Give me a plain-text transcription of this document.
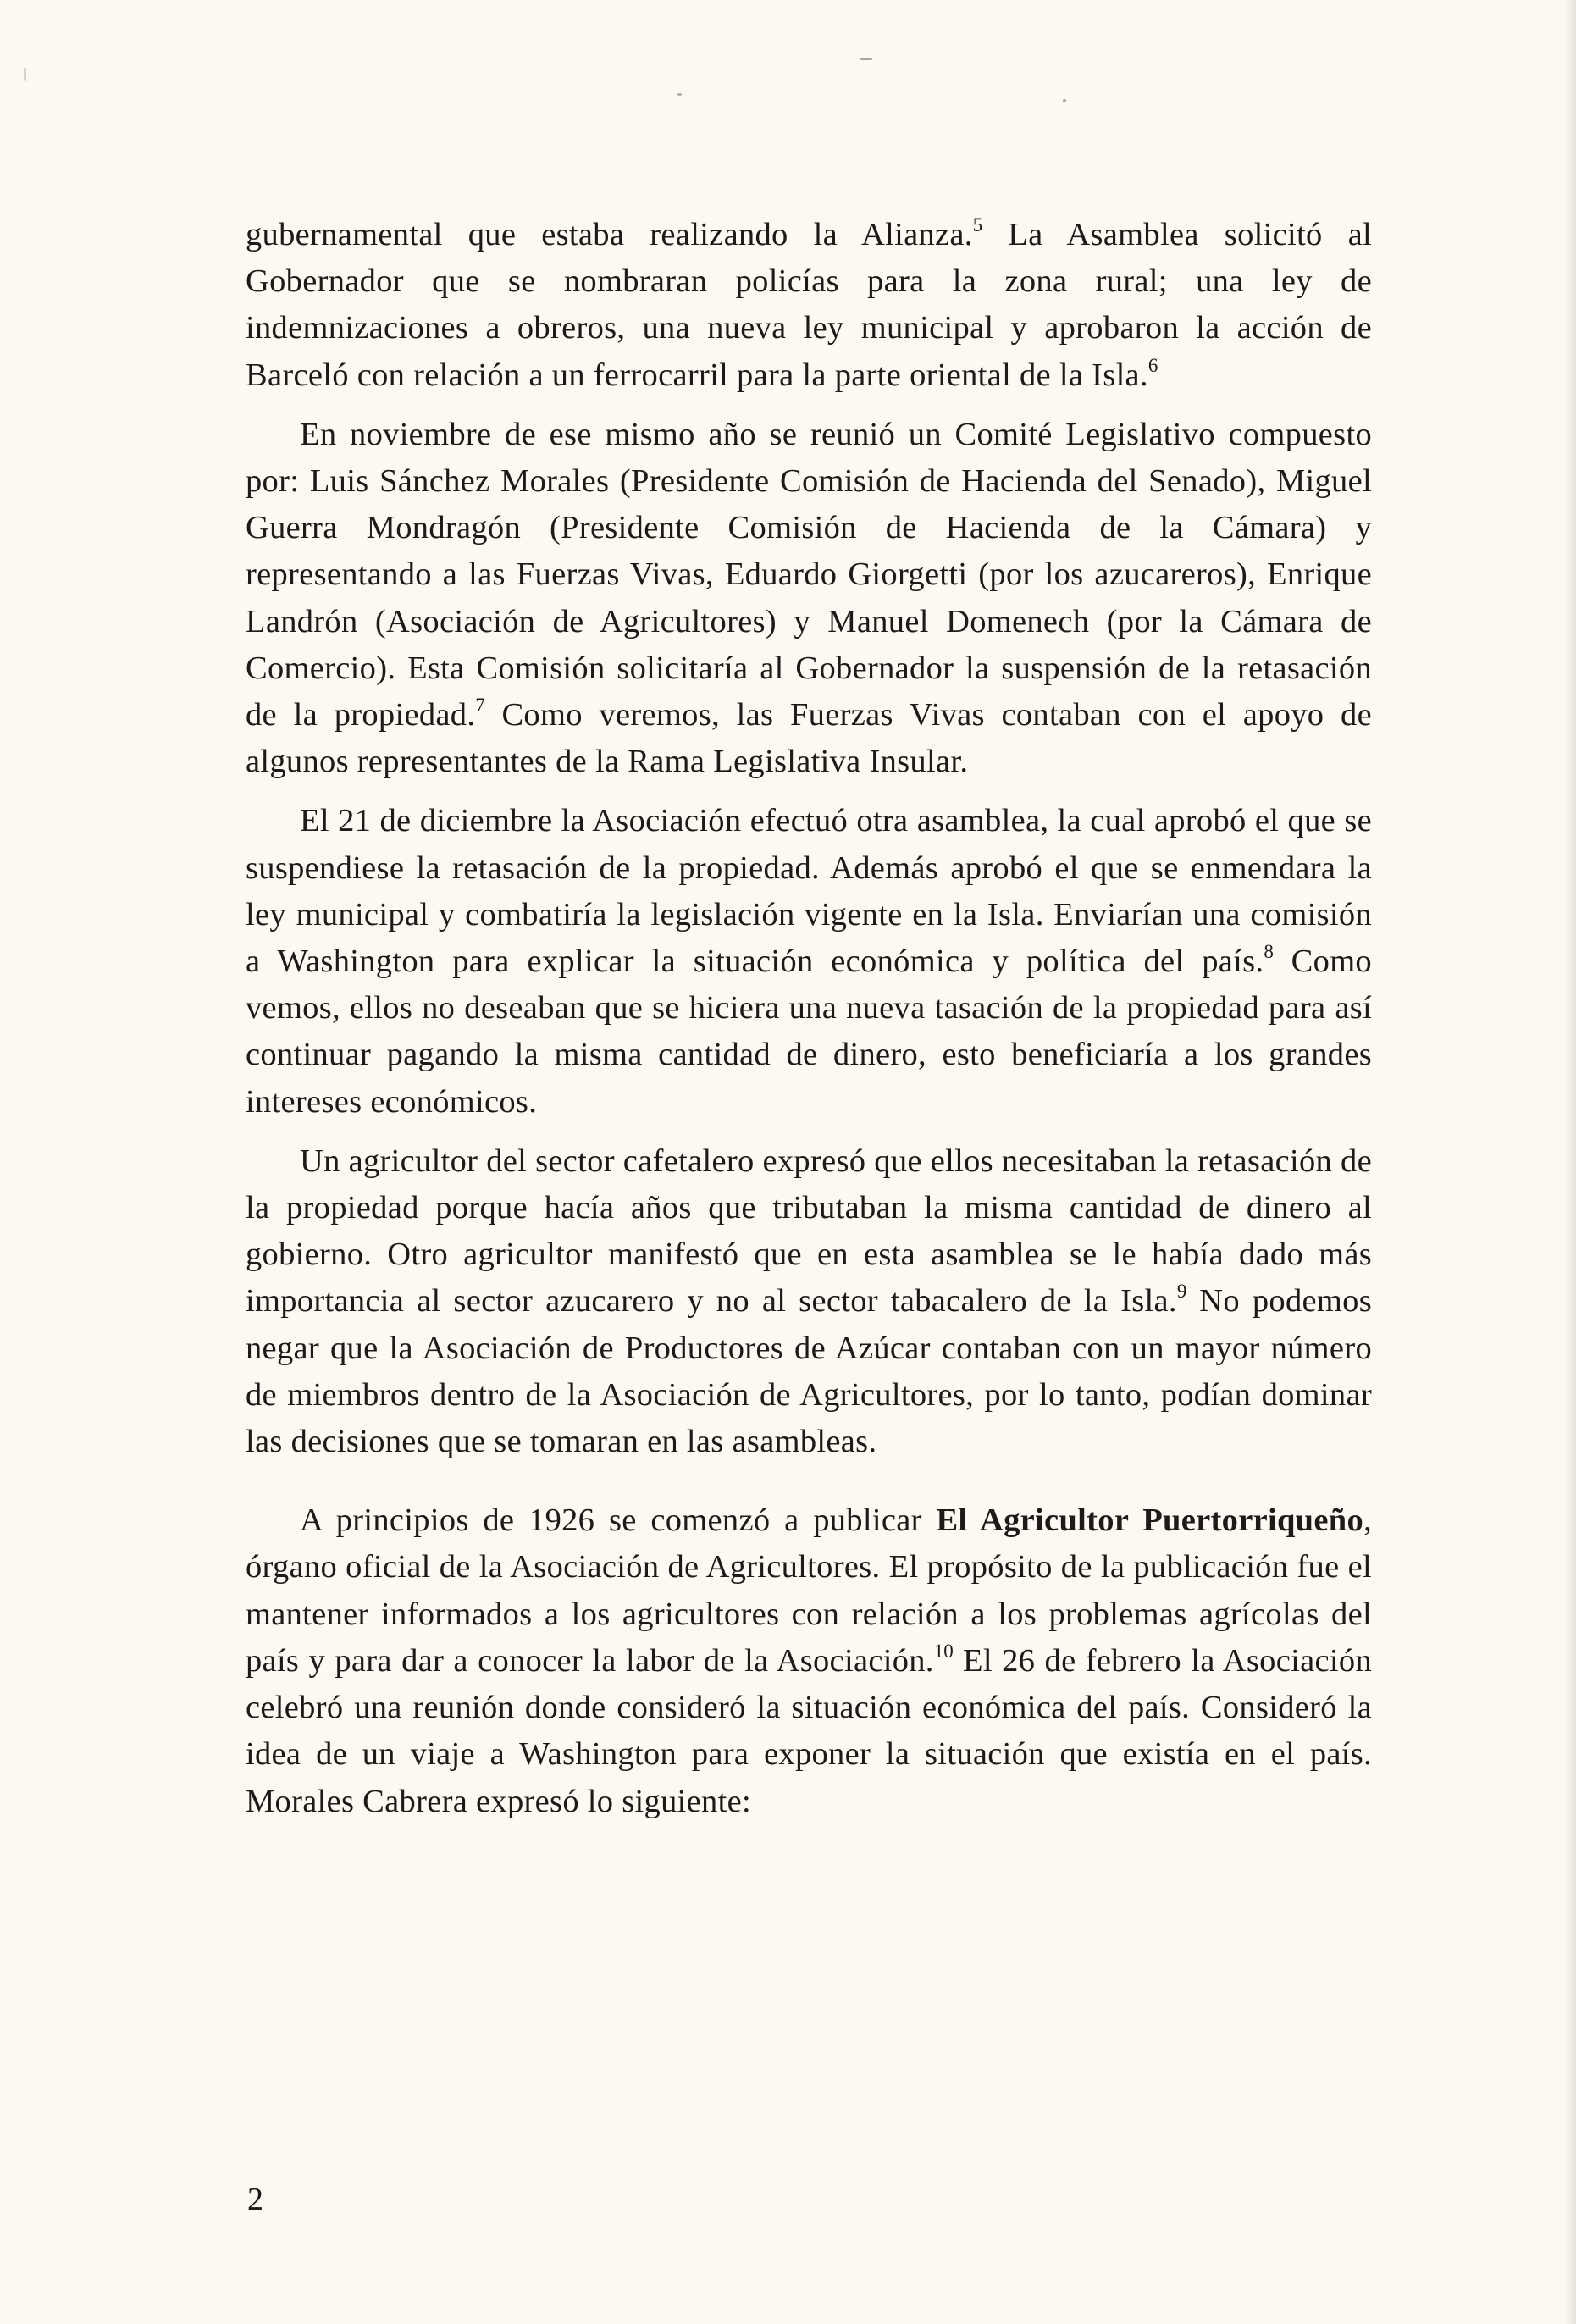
gubernamental que estaba realizando la Alianza.$^5$ La Asamblea solicitó al Gobernador que se nombraran policías para la zona rural; una ley de indemnizaciones a obreros, una nueva ley municipal y aprobaron la acción de Barceló con relación a un ferrocarril para la parte oriental de la Isla.$^6$

En noviembre de ese mismo año se reunió un Comité Legislativo compuesto por: Luis Sánchez Morales (Presidente Comisión de Hacienda del Senado), Miguel Guerra Mondragón (Presidente Comisión de Hacienda de la Cámara) y representando a las Fuerzas Vivas, Eduardo Giorgetti (por los azucareros), Enrique Landrón (Asociación de Agricultores) y Manuel Domenech (por la Cámara de Comercio). Esta Comisión solicitaría al Gobernador la suspensión de la retasación de la propiedad.$^7$ Como veremos, las Fuerzas Vivas contaban con el apoyo de algunos representantes de la Rama Legislativa Insular.

El 21 de diciembre la Asociación efectuó otra asamblea, la cual aprobó el que se suspendiese la retasación de la propiedad. Además aprobó el que se enmendara la ley municipal y combatiría la legislación vigente en la Isla. Enviarían una comisión a Washington para explicar la situación económica y política del país.$^8$ Como vemos, ellos no deseaban que se hiciera una nueva tasación de la propiedad para así continuar pagando la misma cantidad de dinero, esto beneficiaría a los grandes intereses económicos.

Un agricultor del sector cafetalero expresó que ellos necesitaban la retasación de la propiedad porque hacía años que tributaban la misma cantidad de dinero al gobierno. Otro agricultor manifestó que en esta asamblea se le había dado más importancia al sector azucarero y no al sector tabacalero de la Isla.$^9$ No podemos negar que la Asociación de Productores de Azúcar contaban con un mayor número de miembros dentro de la Asociación de Agricultores, por lo tanto, podían dominar las decisiones que se tomaran en las asambleas.

A principios de 1926 se comenzó a publicar El Agricultor Puertorriqueño, órgano oficial de la Asociación de Agricultores. El propósito de la publicación fue el mantener informados a los agricultores con relación a los problemas agrícolas del país y para dar a conocer la labor de la Asociación.$^{10}$ El 26 de febrero la Asociación celebró una reunión donde consideró la situación económica del país. Consideró la idea de un viaje a Washington para exponer la situación que existía en el país. Morales Cabrera expresó lo siguiente:

2
